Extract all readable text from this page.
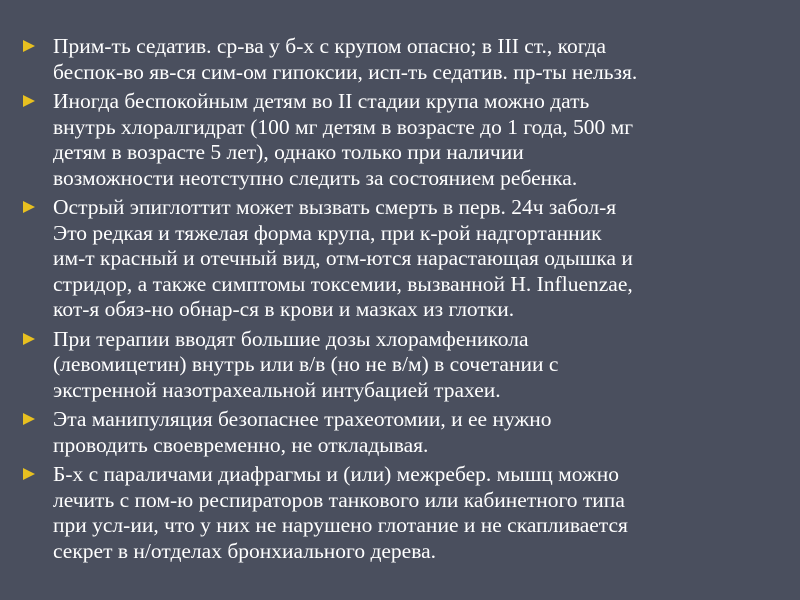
Прим-ть седатив. ср-ва у б-х с крупом опасно; в III ст., когда
беспок-во яв-ся сим-ом гипоксии, исп-ть седатив. пр-ты нельзя.
Иногда беспокойным детям во II стадии крупа можно дать
внутрь хлоралгидрат (100 мг детям в возрасте до 1 года, 500 мг
детям в возрасте 5 лет), однако только при наличии
возможности неотступно следить за состоянием ребенка.
Острый эпиглоттит может вызвать смерть в перв. 24ч забол-я
Это редкая и тяжелая форма крупа, при к-рой надгортанник
им-т красный и отечный вид, отм-ются нарастающая одышка и
стридор, а также симптомы токсемии, вызванной H. Influenzae,
кот-я обяз-но обнар-ся в крови и мазках из глотки.
При терапии вводят большие дозы хлорамфеникола
(левомицетин) внутрь или в/в (но не в/м) в сочетании с
экстренной назотрахеальной интубацией трахеи.
Эта манипуляция безопаснее трахеотомии, и ее нужно
проводить своевременно, не откладывая.
Б-х с параличами диафрагмы и (или) межребер. мышц можно
лечить с пом-ю респираторов танкового или кабинетного типа
при усл-ии, что у них не нарушено глотание и не скапливается
секрет в н/отделах бронхиального дерева.
